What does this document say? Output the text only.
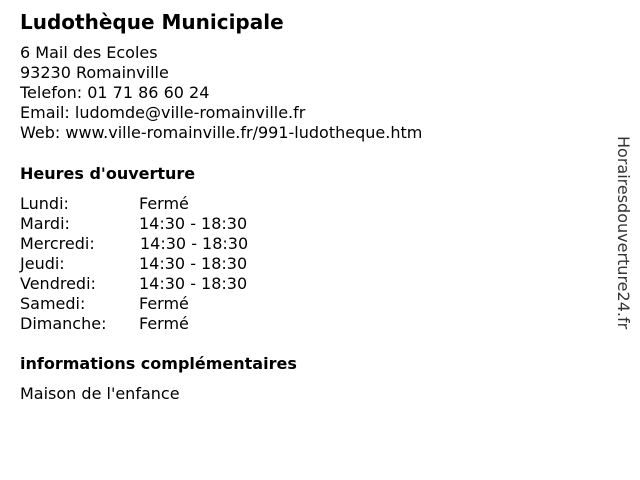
Ludothèque Municipale
6 Mail des Ecoles
93230 Romainville
Telefon: 01 71 86 60 24
Email: ludomde@ville-romainville.fr
Web: www.ville-romainville.fr/991-ludotheque.htm
Heures d'ouverture
Lundi:	Fermé
Mardi:	14:30 - 18:30
Mercredi:	14:30 - 18:30
Jeudi:	14:30 - 18:30
Vendredi:	14:30 - 18:30
Samedi:	Fermé
Dimanche: Fermé
informations complémentaires
Maison de l'enfance
Horairesdouverture24.fr
